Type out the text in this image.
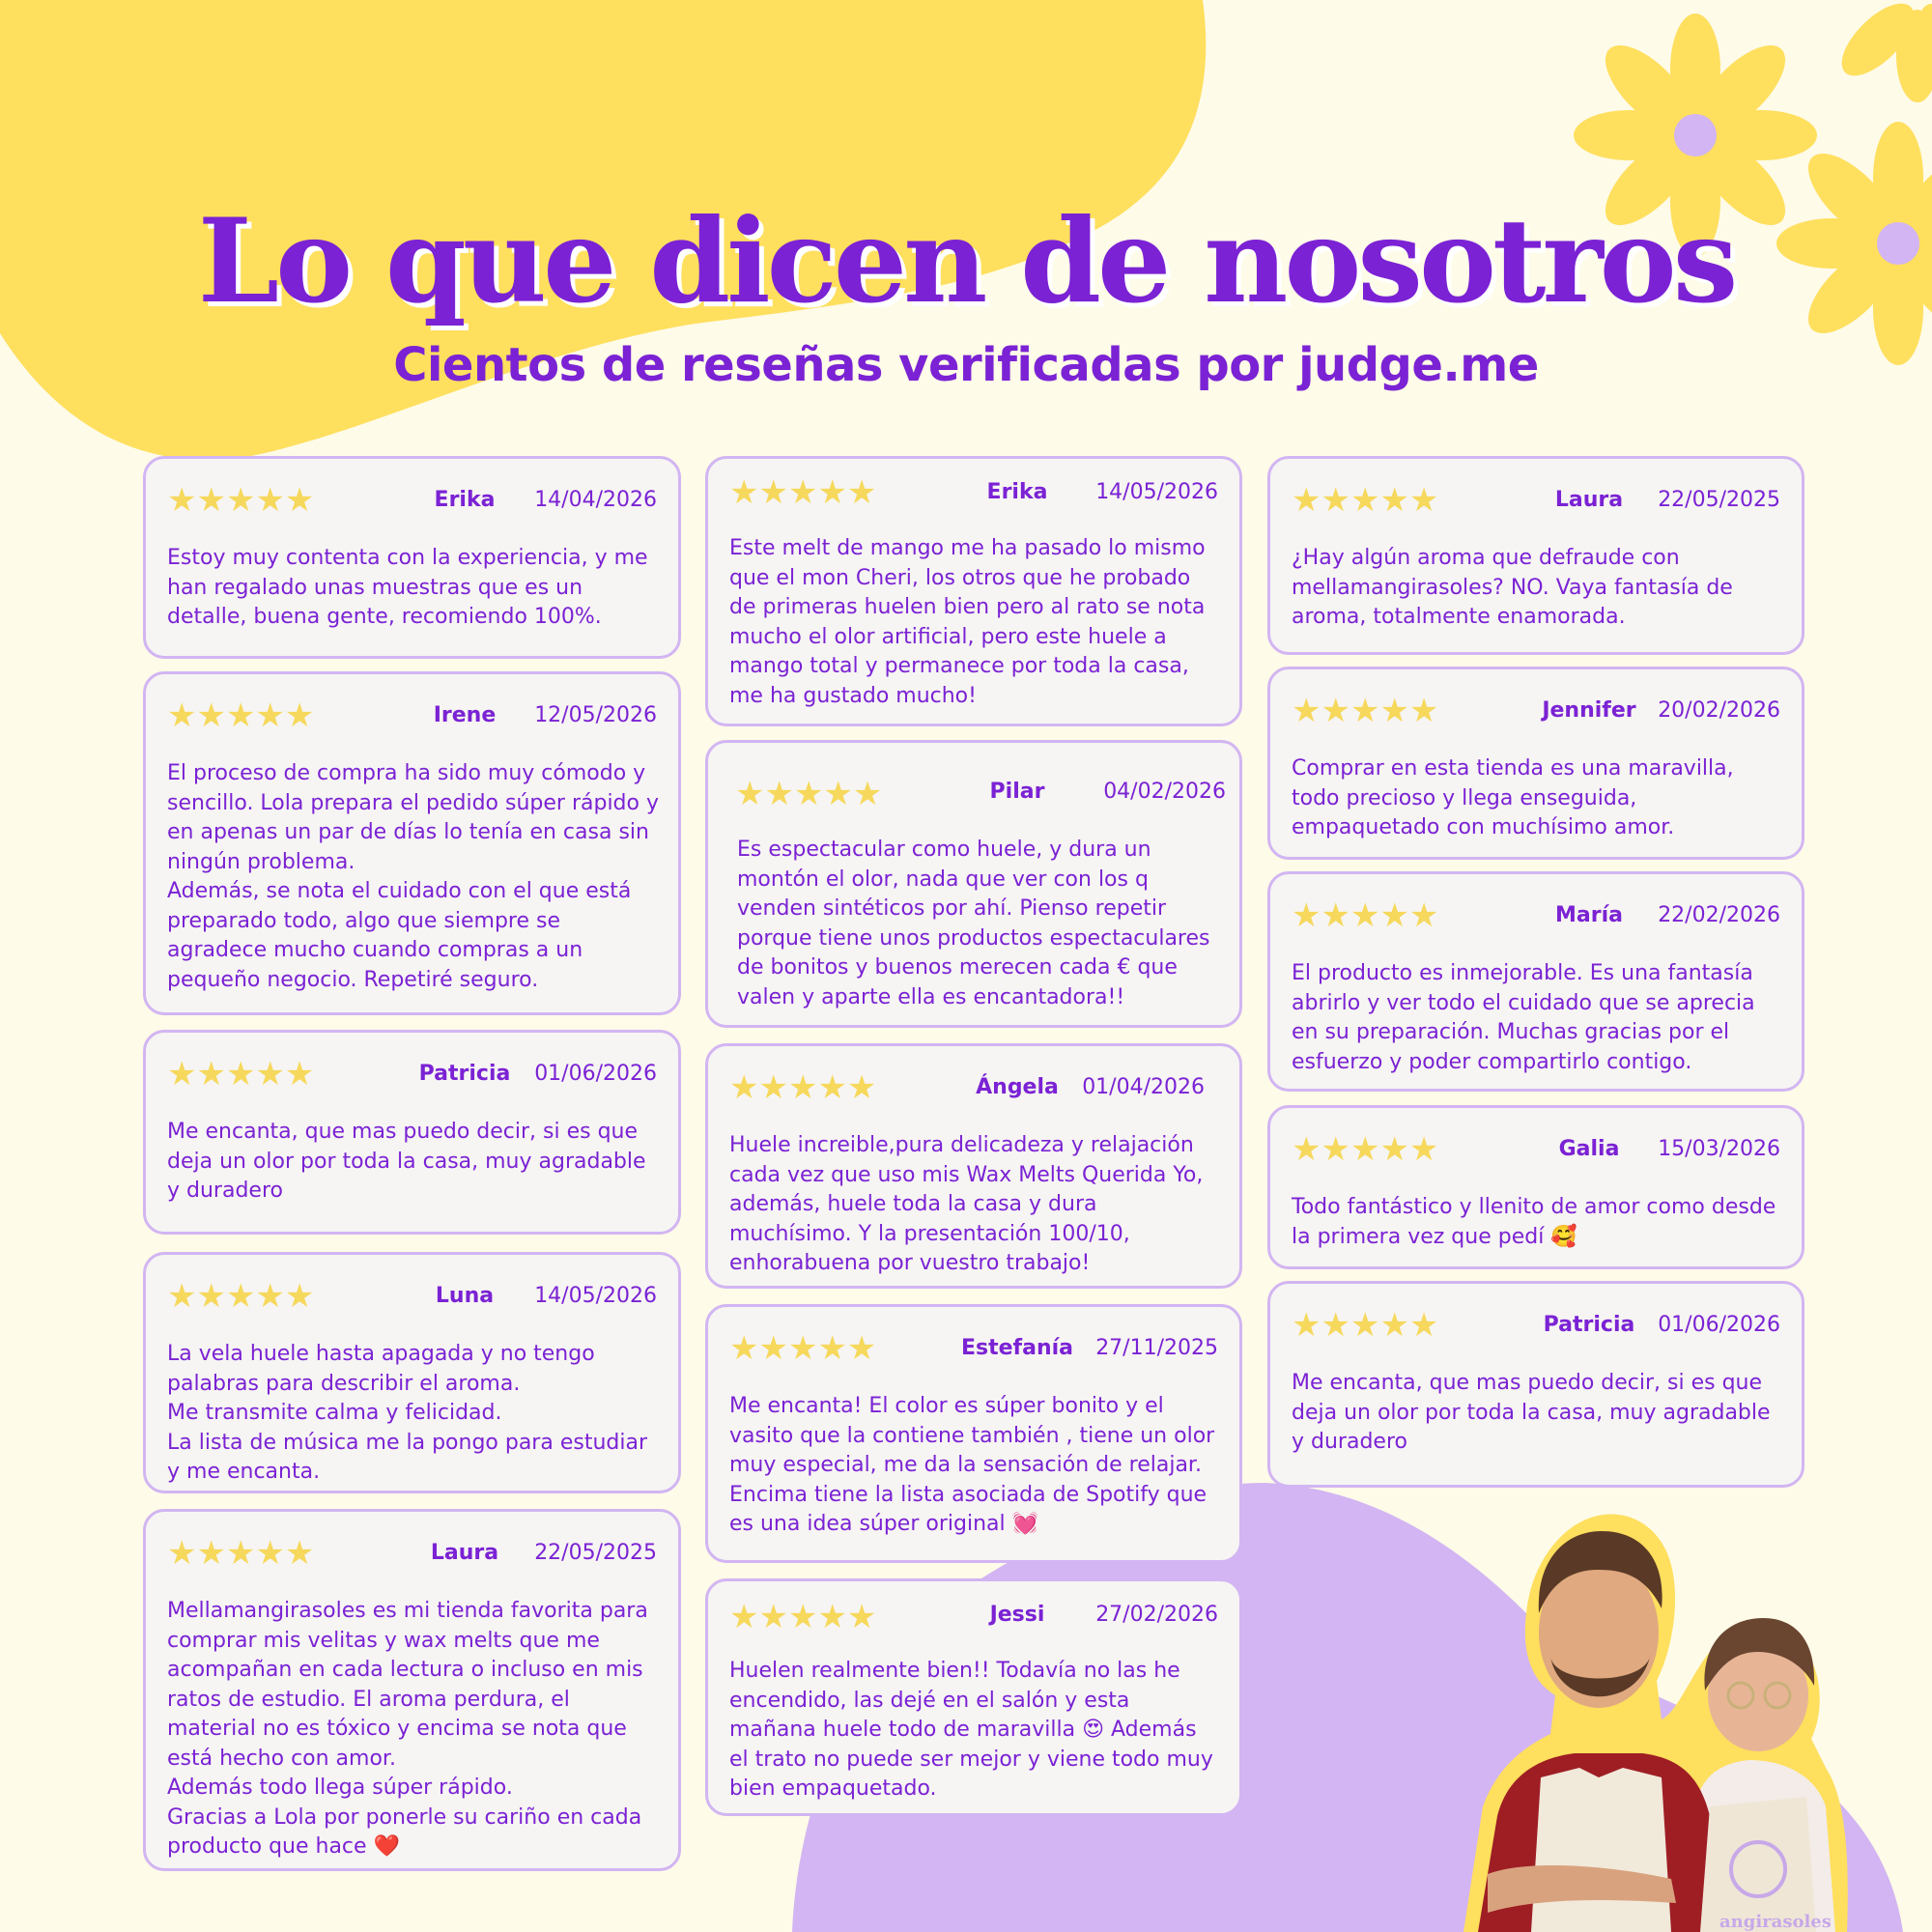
Lo que dicen de nosotros
Cientos de reseñas verificadas por judge.me
★★★★★	Erika	14/04/2026
Estoy muy contenta con la experiencia, y me han regalado unas muestras que es un detalle, buena gente, recomiendo 100%.
★★★★★	Irene	12/05/2026
El proceso de compra ha sido muy cómodo y sencillo. Lola prepara el pedido súper rápido y en apenas un par de días lo tenía en casa sin ningún problema.
Además, se nota el cuidado con el que está preparado todo, algo que siempre se agradece mucho cuando compras a un pequeño negocio. Repetiré seguro.
★★★★★	Patricia	01/06/2026
Me encanta, que mas puedo decir, si es que deja un olor por toda la casa, muy agradable y duradero
★★★★★	Luna	14/05/2026
La vela huele hasta apagada y no tengo palabras para describir el aroma.
Me transmite calma y felicidad.
La lista de música me la pongo para estudiar y me encanta.
★★★★★	Laura	22/05/2025
Mellamangirasoles es mi tienda favorita para comprar mis velitas y wax melts que me acompañan en cada lectura o incluso en mis ratos de estudio. El aroma perdura, el material no es tóxico y encima se nota que está hecho con amor.
Además todo llega súper rápido.
Gracias a Lola por ponerle su cariño en cada producto que hace ❤️
★★★★★	Erika	14/05/2026
Este melt de mango me ha pasado lo mismo que el mon Cheri, los otros que he probado de primeras huelen bien pero al rato se nota mucho el olor artificial, pero este huele a mango total y permanece por toda la casa, me ha gustado mucho!
★★★★★	Pilar	04/02/2026
Es espectacular como huele, y dura un montón el olor, nada que ver con los q venden sintéticos por ahí. Pienso repetir porque tiene unos productos espectaculares de bonitos y buenos merecen cada € que valen y aparte ella es encantadora!!
★★★★★	Ángela	01/04/2026
Huele increible,pura delicadeza y relajación cada vez que uso mis Wax Melts Querida Yo, además, huele toda la casa y dura muchísimo. Y la presentación 100/10, enhorabuena por vuestro trabajo!
★★★★★	Estefanía	27/11/2025
Me encanta! El color es súper bonito y el vasito que la contiene también , tiene un olor muy especial, me da la sensación de relajar. Encima tiene la lista asociada de Spotify que es una idea súper original 💓
★★★★★	Jessi	27/02/2026
Huelen realmente bien!! Todavía no las he encendido, las dejé en el salón y esta mañana huele todo de maravilla 😍 Además el trato no puede ser mejor y viene todo muy bien empaquetado.
★★★★★	Laura	22/05/2025
¿Hay algún aroma que defraude con mellamangirasoles? NO. Vaya fantasía de aroma, totalmente enamorada.
★★★★★	Jennifer	20/02/2026
Comprar en esta tienda es una maravilla, todo precioso y llega enseguida, empaquetado con muchísimo amor.
★★★★★	María	22/02/2026
El producto es inmejorable. Es una fantasía abrirlo y ver todo el cuidado que se aprecia en su preparación. Muchas gracias por el esfuerzo y poder compartirlo contigo.
★★★★★	Galia	15/03/2026
Todo fantástico y llenito de amor como desde la primera vez que pedí 🥰
★★★★★	Patricia	01/06/2026
Me encanta, que mas puedo decir, si es que deja un olor por toda la casa, muy agradable y duradero
angirasoles
